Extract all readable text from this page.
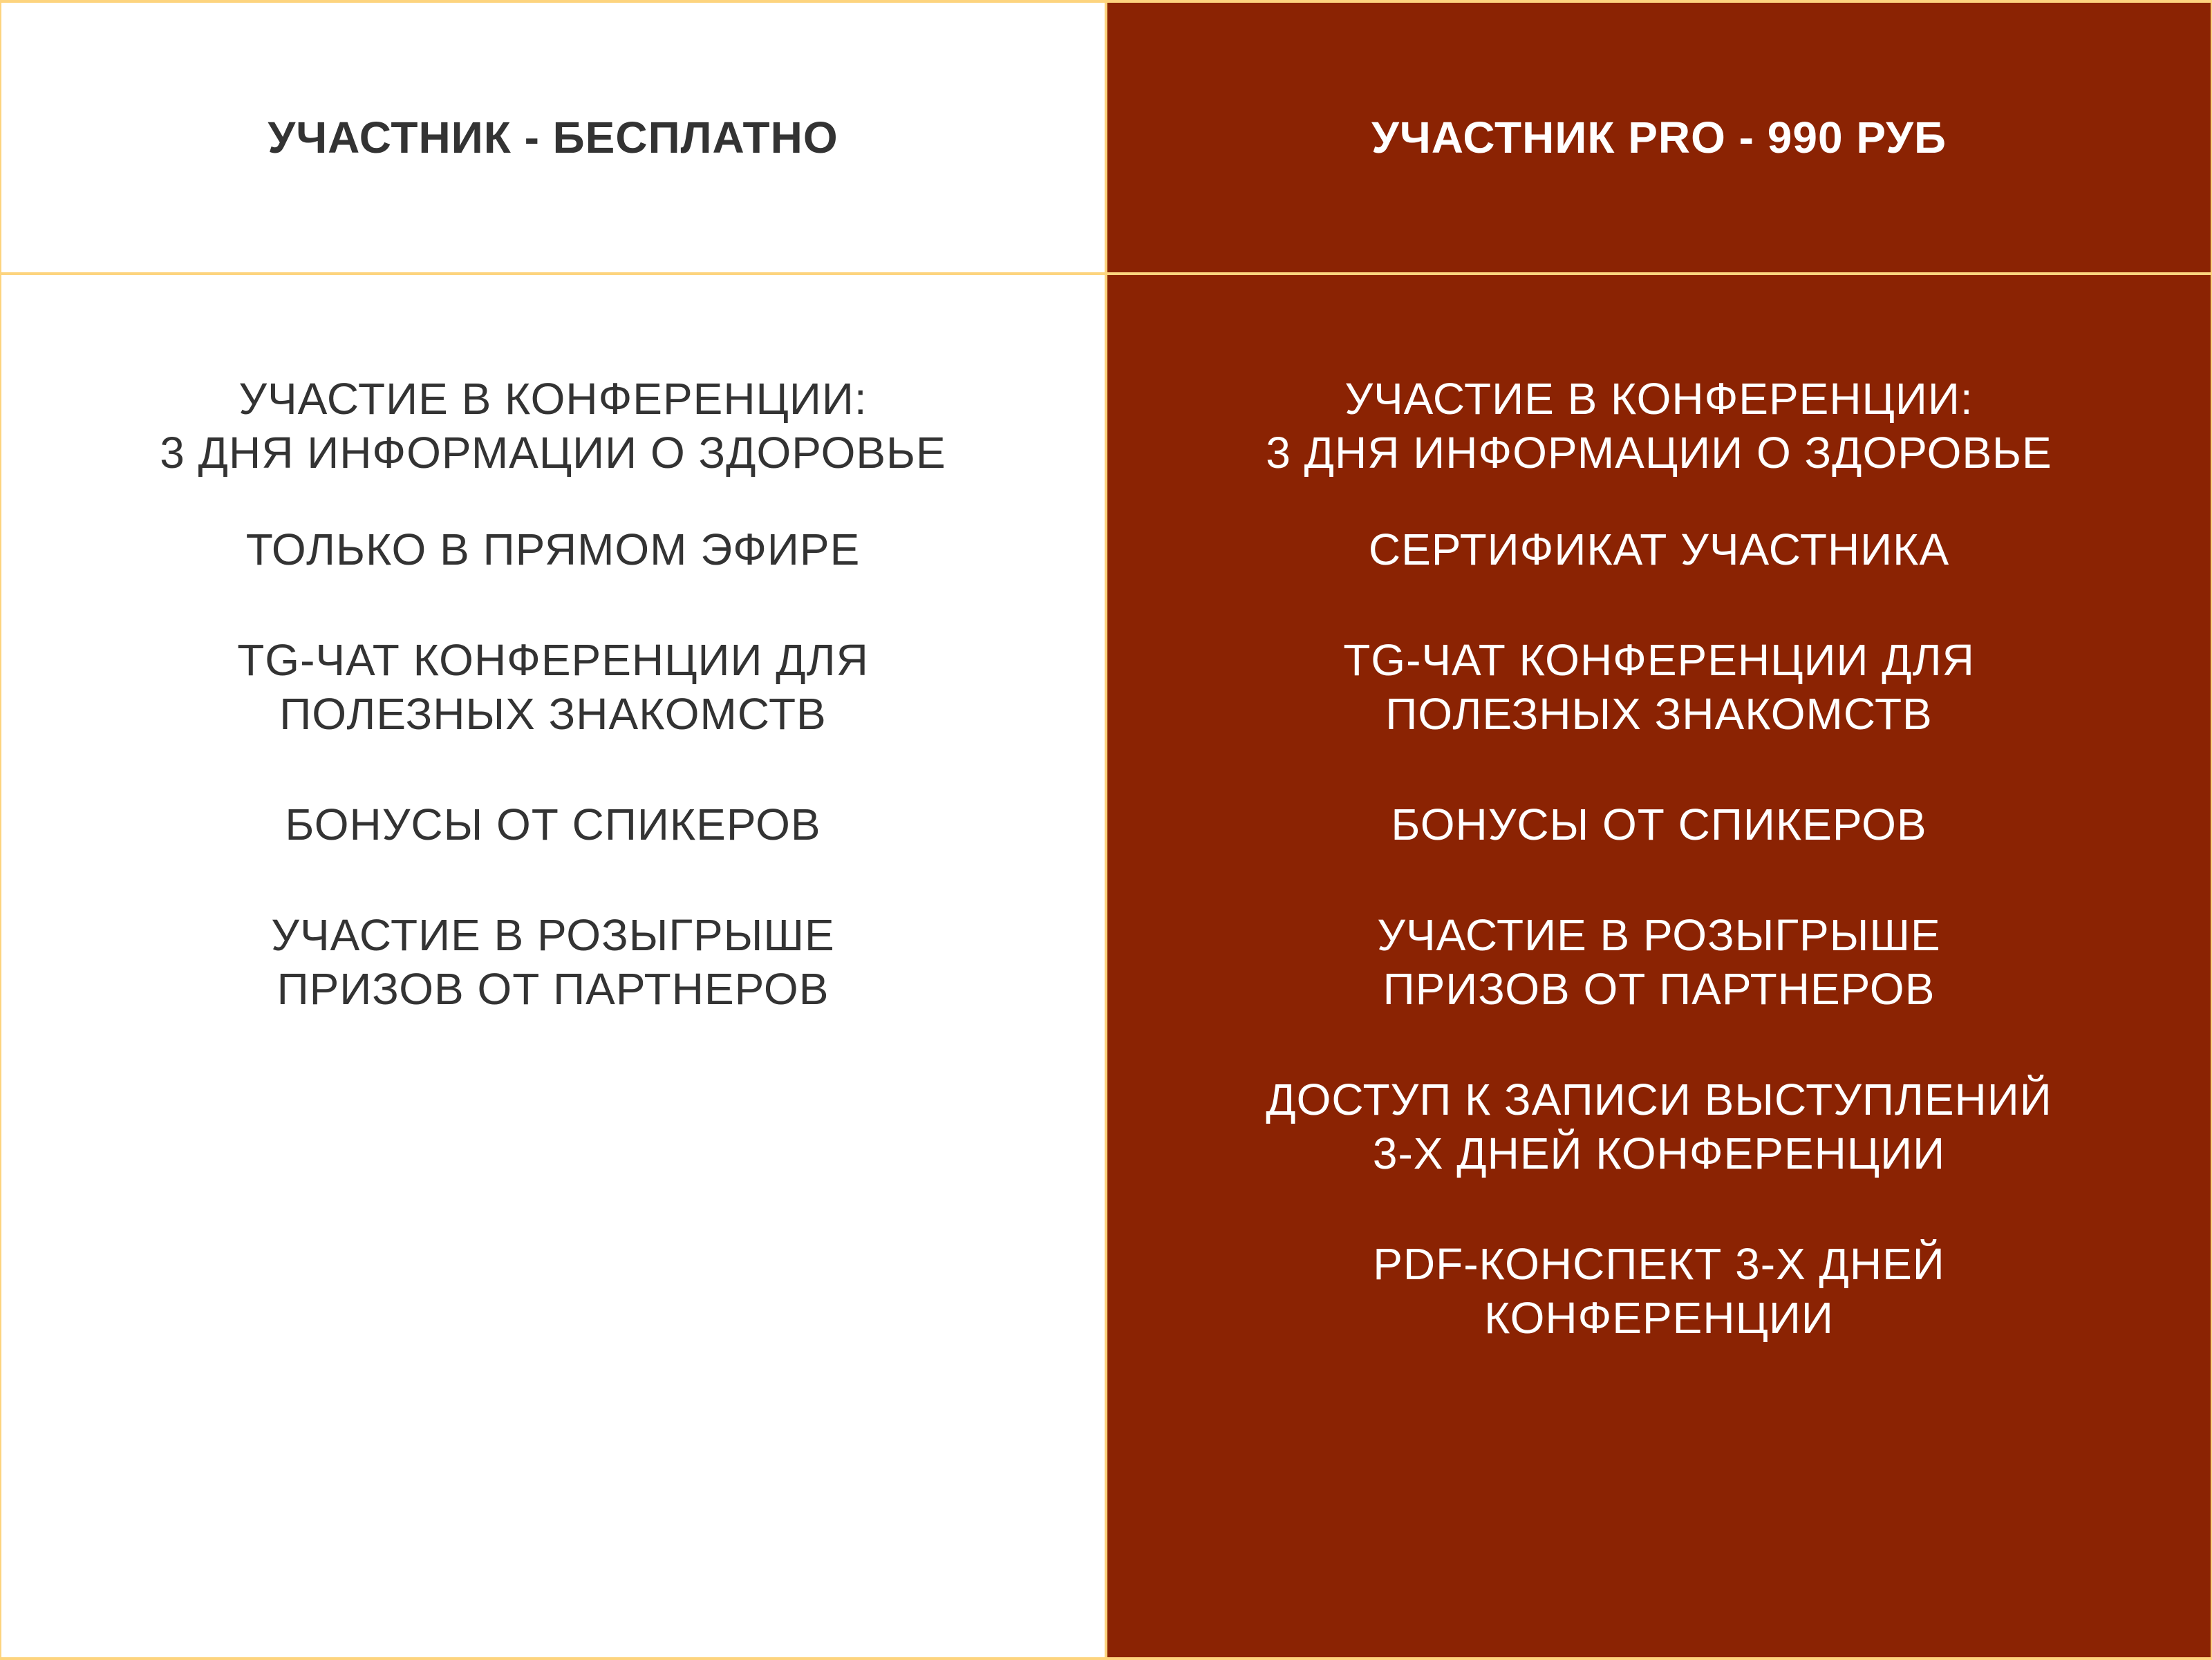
УЧАСТНИК - БЕСПЛАТНО	УЧАСТНИК PRO - 990 РУБ
УЧАСТИЕ В КОНФЕРЕНЦИИ:
3 ДНЯ ИНФОРМАЦИИ О ЗДОРОВЬЕ
ТОЛЬКО В ПРЯМОМ ЭФИРЕ
TG-ЧАТ КОНФЕРЕНЦИИ ДЛЯ
ПОЛЕЗНЫХ ЗНАКОМСТВ
БОНУСЫ ОТ СПИКЕРОВ
УЧАСТИЕ В РОЗЫГРЫШЕ
ПРИЗОВ ОТ ПАРТНЕРОВ
УЧАСТИЕ В КОНФЕРЕНЦИИ:
3 ДНЯ ИНФОРМАЦИИ О ЗДОРОВЬЕ
СЕРТИФИКАТ УЧАСТНИКА
TG-ЧАТ КОНФЕРЕНЦИИ ДЛЯ
ПОЛЕЗНЫХ ЗНАКОМСТВ
БОНУСЫ ОТ СПИКЕРОВ
УЧАСТИЕ В РОЗЫГРЫШЕ
ПРИЗОВ ОТ ПАРТНЕРОВ
ДОСТУП К ЗАПИСИ ВЫСТУПЛЕНИЙ
3-Х ДНЕЙ КОНФЕРЕНЦИИ
PDF-КОНСПЕКТ 3-Х ДНЕЙ
КОНФЕРЕНЦИИ
